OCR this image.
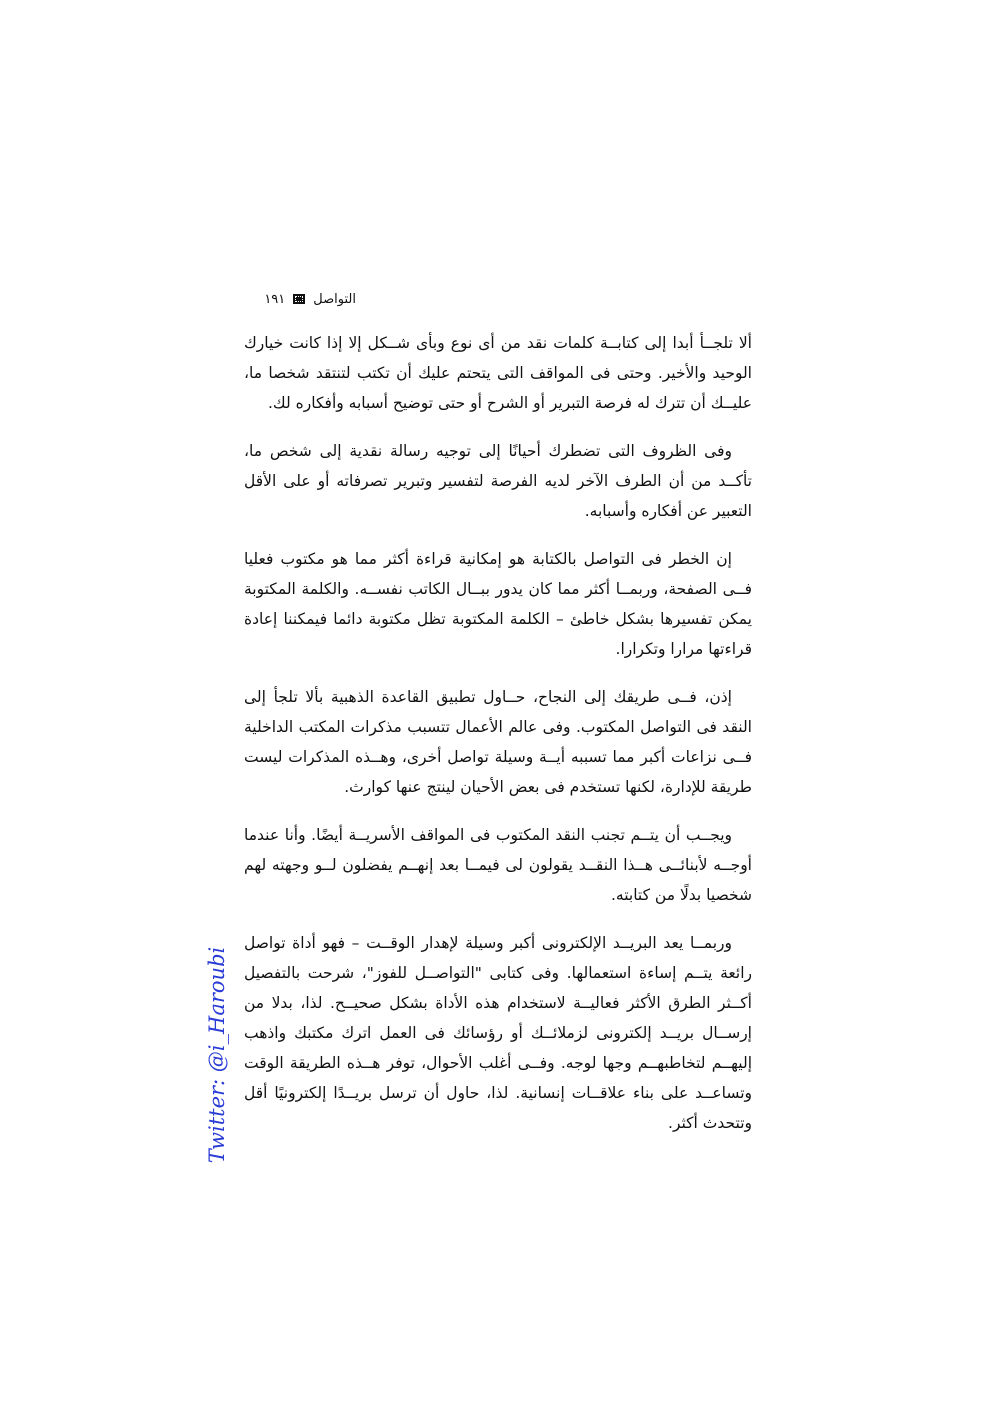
التواصل
١٩١

ألا تلجــأ أبدا إلى كتابــة كلمات نقد من أى نوع وبأى شــكل إلا إذا كانت خيارك الوحيد والأخير. وحتى فى المواقف التى يتحتم عليك أن تكتب لتنتقد شخصا ما، عليــك أن تترك له فرصة التبرير أو الشرح أو حتى توضيح أسبابه وأفكاره لك.

وفى الظروف التى تضطرك أحيانًا إلى توجيه رسالة نقدية إلى شخص ما، تأكــد من أن الطرف الآخر لديه الفرصة لتفسير وتبرير تصرفاته أو على الأقل التعبير عن أفكاره وأسبابه.

إن الخطر فى التواصل بالكتابة هو إمكانية قراءة أكثر مما هو مكتوب فعليا فــى الصفحة، وربمــا أكثر مما كان يدور ببــال الكاتب نفســه. والكلمة المكتوبة يمكن تفسيرها بشكل خاطئ – الكلمة المكتوبة تظل مكتوبة دائما فيمكننا إعادة قراءتها مرارا وتكرارا.

إذن، فــى طريقك إلى النجاح، حــاول تطبيق القاعدة الذهبية بألا تلجأ إلى النقد فى التواصل المكتوب. وفى عالم الأعمال تتسبب مذكرات المكتب الداخلية فــى نزاعات أكبر مما تسببه أيــة وسيلة تواصل أخرى، وهــذه المذكرات ليست طريقة للإدارة، لكنها تستخدم فى بعض الأحيان لينتج عنها كوارث.

ويجــب أن يتــم تجنب النقد المكتوب فى المواقف الأسريــة أيضًا. وأنا عندما أوجــه لأبنائــى هــذا النقــد يقولون لى فيمــا بعد إنهــم يفضلون لــو وجهته لهم شخصيا بدلًا من كتابته.

وربمــا يعد البريــد الإلكترونى أكبر وسيلة لإهدار الوقــت – فهو أداة تواصل رائعة يتــم إساءة استعمالها. وفى كتابى "التواصــل للفوز"، شرحت بالتفصيل أكــثر الطرق الأكثر فعاليــة لاستخدام هذه الأداة بشكل صحيــح. لذا، بدلا من إرســال بريــد إلكترونى لزملائــك أو رؤسائك فى العمل اترك مكتبك واذهب إليهــم لتخاطبهــم وجها لوجه. وفــى أغلب الأحوال، توفر هــذه الطريقة الوقت وتساعــد على بناء علاقــات إنسانية. لذا، حاول أن ترسل بريــدًا إلكترونيًا أقل وتتحدث أكثر.

Twitter: @i_Haroubi
